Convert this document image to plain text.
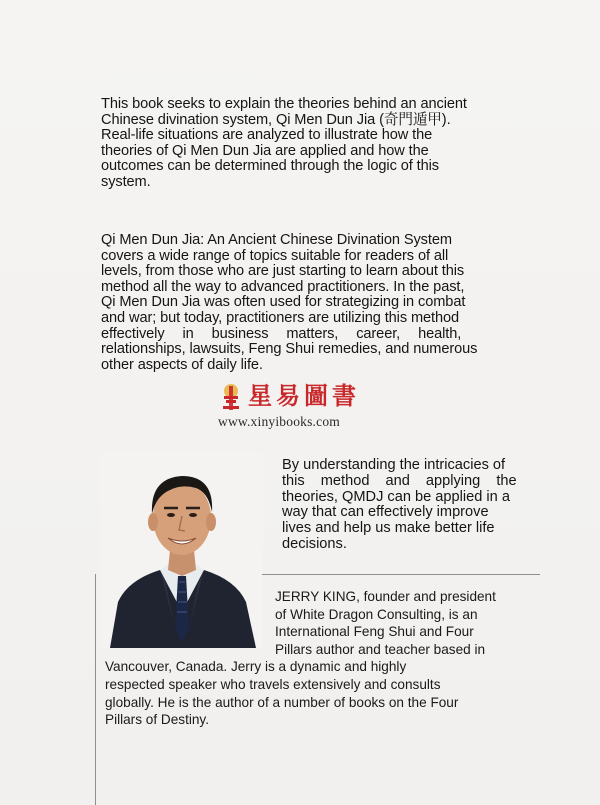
This book seeks to explain the theories behind an ancient
Chinese divination system, Qi Men Dun Jia (奇門遁甲).
Real-life situations are analyzed to illustrate how the
theories of Qi Men Dun Jia are applied and how the
outcomes can be determined through the logic of this
system.
Qi Men Dun Jia: An Ancient Chinese Divination System
covers a wide range of topics suitable for readers of all
levels, from those who are just starting to learn about this
method all the way to advanced practitioners. In the past,
Qi Men Dun Jia was often used for strategizing in combat
and war; but today, practitioners are utilizing this method
effectively in business matters, career, health,
relationships, lawsuits, Feng Shui remedies, and numerous
other aspects of daily life.
星易圖書
www.xinyibooks.com
By understanding the intricacies of
this method and applying the
theories, QMDJ can be applied in a
way that can effectively improve
lives and help us make better life
decisions.
JERRY KING, founder and president
of White Dragon Consulting, is an
International Feng Shui and Four
Pillars author and teacher based in
Vancouver, Canada. Jerry is a dynamic and highly
respected speaker who travels extensively and consults
globally. He is the author of a number of books on the Four
Pillars of Destiny.
